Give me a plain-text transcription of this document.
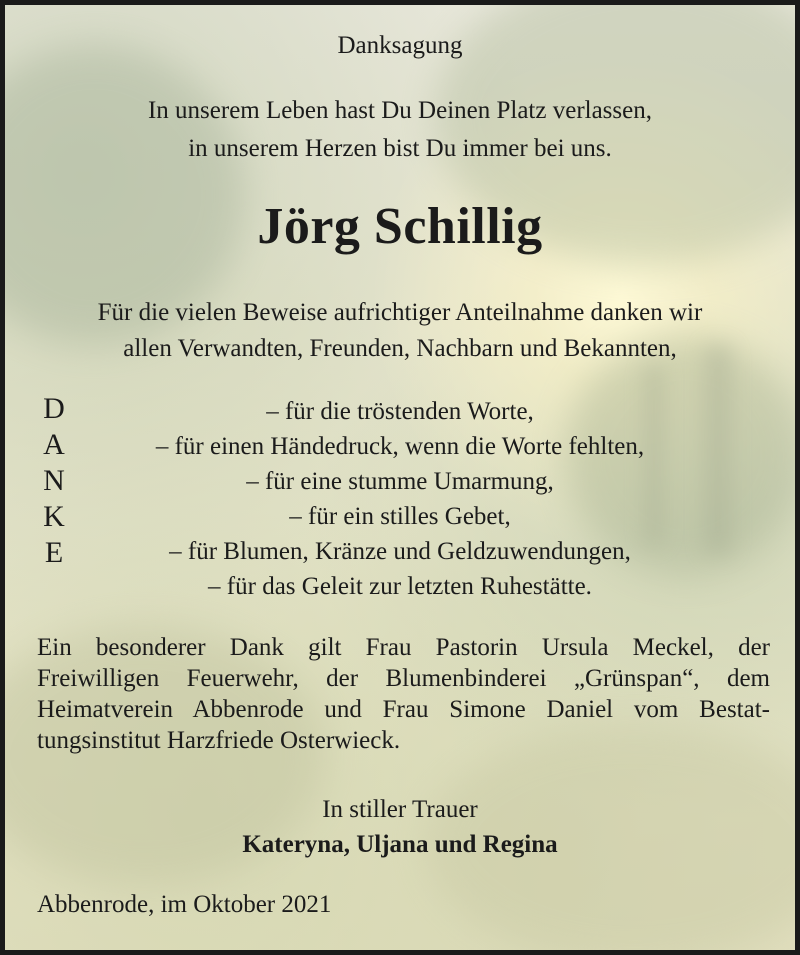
Danksagung

In unserem Leben hast Du Deinen Platz verlassen,

in unserem Herzen bist Du immer bei uns.

Jörg Schillig

Für die vielen Beweise aufrichtiger Anteilnahme danken wir

allen Verwandten, Freunden, Nachbarn und Bekannten,

D
A
N
K
E

– für die tröstenden Worte,

– für einen Händedruck, wenn die Worte fehlten,

– für eine stumme Umarmung,

– für ein stilles Gebet,

– für Blumen, Kränze und Geldzuwendungen,

– für das Geleit zur letzten Ruhestätte.

Ein besonderer Dank gilt Frau Pastorin Ursula Meckel, der
Freiwilligen Feuerwehr, der Blumenbinderei „Grünspan“, dem
Heimatverein Abbenrode und Frau Simone Daniel vom Bestat-
tungsinstitut Harzfriede Osterwieck.

In stiller Trauer

Kateryna, Uljana und Regina

Abbenrode, im Oktober 2021
